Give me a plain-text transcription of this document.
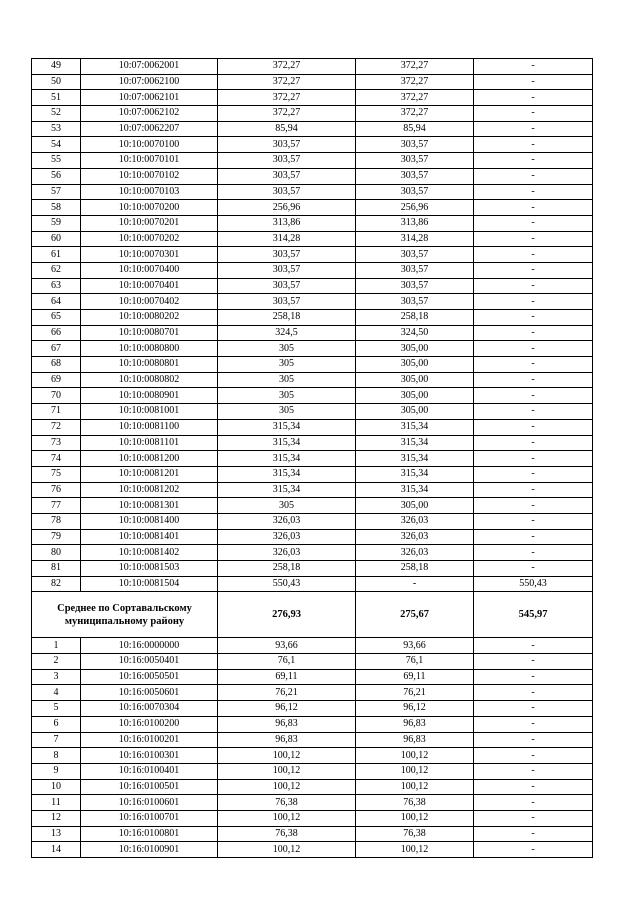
49	10:07:0062001	372,27	372,27	-
50	10:07:0062100	372,27	372,27	-
51	10:07:0062101	372,27	372,27	-
52	10:07:0062102	372,27	372,27	-
53	10:07:0062207	85,94	85,94	-
54	10:10:0070100	303,57	303,57	-
55	10:10:0070101	303,57	303,57	-
56	10:10:0070102	303,57	303,57	-
57	10:10:0070103	303,57	303,57	-
58	10:10:0070200	256,96	256,96	-
59	10:10:0070201	313,86	313,86	-
60	10:10:0070202	314,28	314,28	-
61	10:10:0070301	303,57	303,57	-
62	10:10:0070400	303,57	303,57	-
63	10:10:0070401	303,57	303,57	-
64	10:10:0070402	303,57	303,57	-
65	10:10:0080202	258,18	258,18	-
66	10:10:0080701	324,5	324,50	-
67	10:10:0080800	305	305,00	-
68	10:10:0080801	305	305,00	-
69	10:10:0080802	305	305,00	-
70	10:10:0080901	305	305,00	-
71	10:10:0081001	305	305,00	-
72	10:10:0081100	315,34	315,34	-
73	10:10:0081101	315,34	315,34	-
74	10:10:0081200	315,34	315,34	-
75	10:10:0081201	315,34	315,34	-
76	10:10:0081202	315,34	315,34	-
77	10:10:0081301	305	305,00	-
78	10:10:0081400	326,03	326,03	-
79	10:10:0081401	326,03	326,03	-
80	10:10:0081402	326,03	326,03	-
81	10:10:0081503	258,18	258,18	-
82	10:10:0081504	550,43	-	550,43
Среднее по Сортавальскому муниципальному району		276,93	275,67	545,97
1	10:16:0000000	93,66	93,66	-
2	10:16:0050401	76,1	76,1	-
3	10:16:0050501	69,11	69,11	-
4	10:16:0050601	76,21	76,21	-
5	10:16:0070304	96,12	96,12	-
6	10:16:0100200	96,83	96,83	-
7	10:16:0100201	96,83	96,83	-
8	10:16:0100301	100,12	100,12	-
9	10:16:0100401	100,12	100,12	-
10	10:16:0100501	100,12	100,12	-
11	10:16:0100601	76,38	76,38	-
12	10:16:0100701	100,12	100,12	-
13	10:16:0100801	76,38	76,38	-
14	10:16:0100901	100,12	100,12	-
